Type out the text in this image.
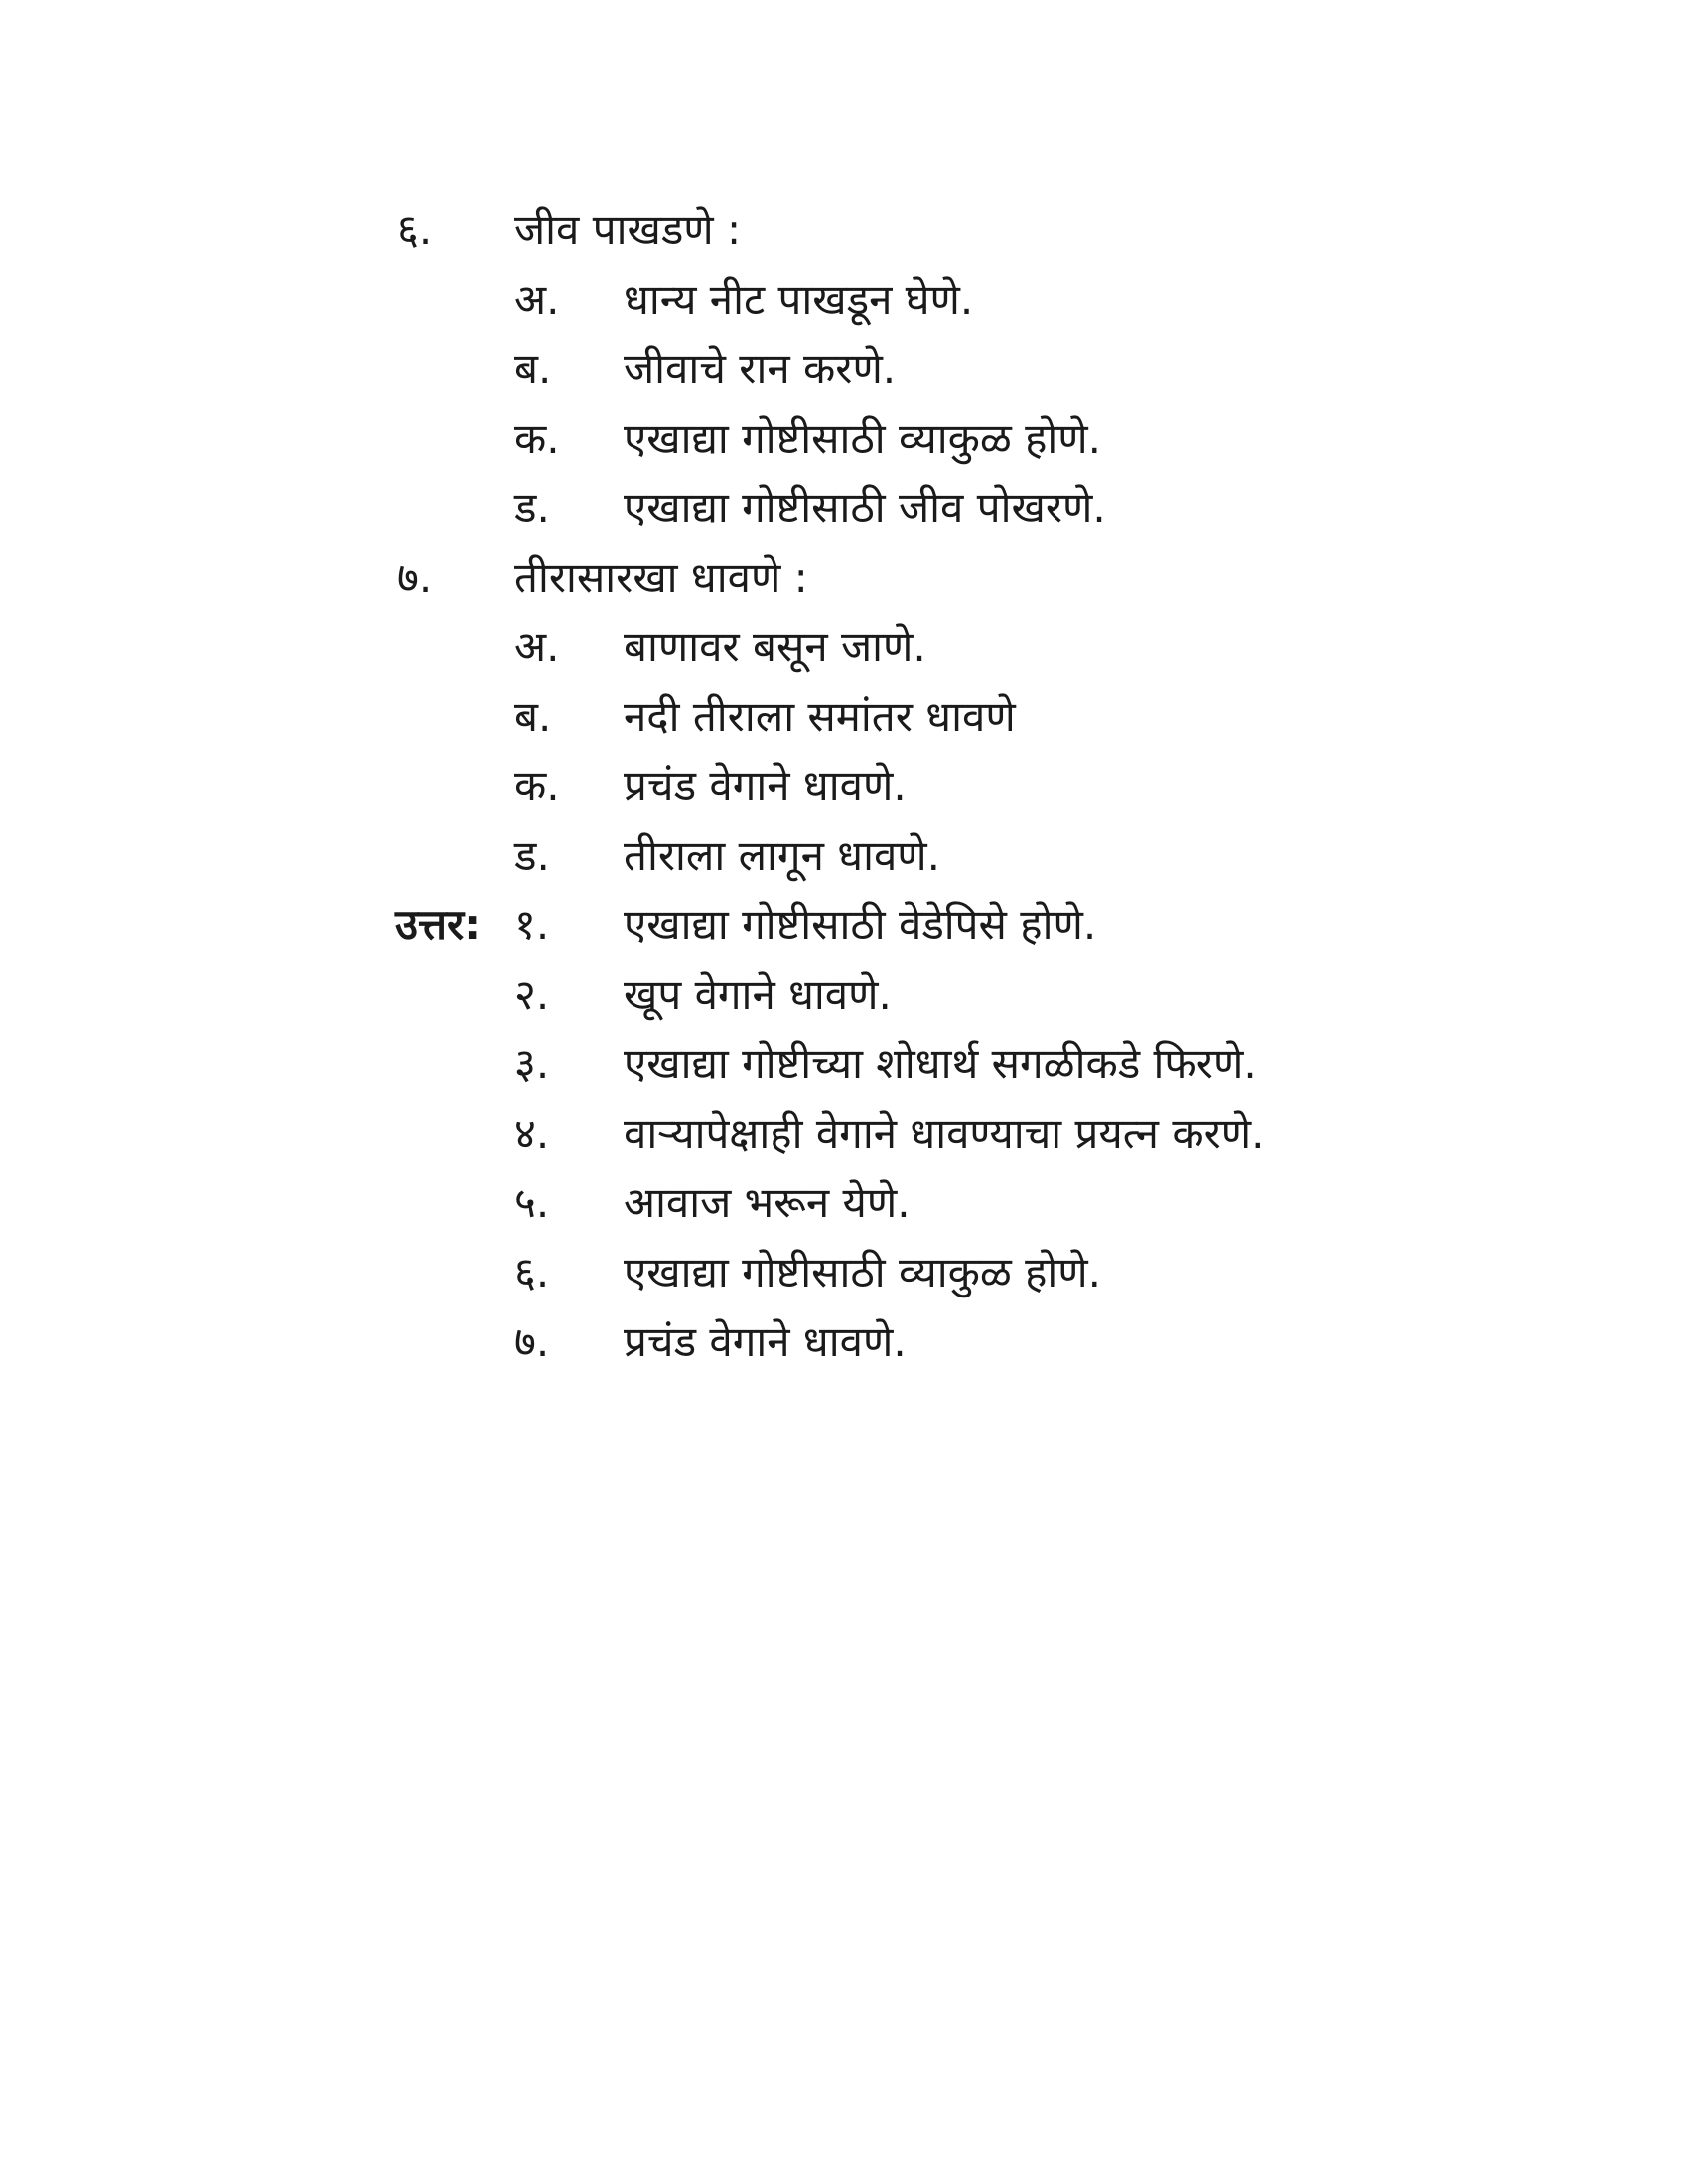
६. जीव पाखडणे :
अ. धान्य नीट पाखडून घेणे.
ब. जीवाचे रान करणे.
क. एखाद्या गोष्टीसाठी व्याकुळ होणे.
ड. एखाद्या गोष्टीसाठी जीव पोखरणे.
७. तीरासारखा धावणे :
अ. बाणावर बसून जाणे.
ब. नदी तीराला समांतर धावणे
क. प्रचंड वेगाने धावणे.
ड. तीराला लागून धावणे.
उत्तर: १. एखाद्या गोष्टीसाठी वेडेपिसे होणे.
२. खूप वेगाने धावणे.
३. एखाद्या गोष्टीच्या शोधार्थ सगळीकडे फिरणे.
४. वाऱ्यापेक्षाही वेगाने धावण्याचा प्रयत्न करणे.
५. आवाज भरून येणे.
६. एखाद्या गोष्टीसाठी व्याकुळ होणे.
७. प्रचंड वेगाने धावणे.
